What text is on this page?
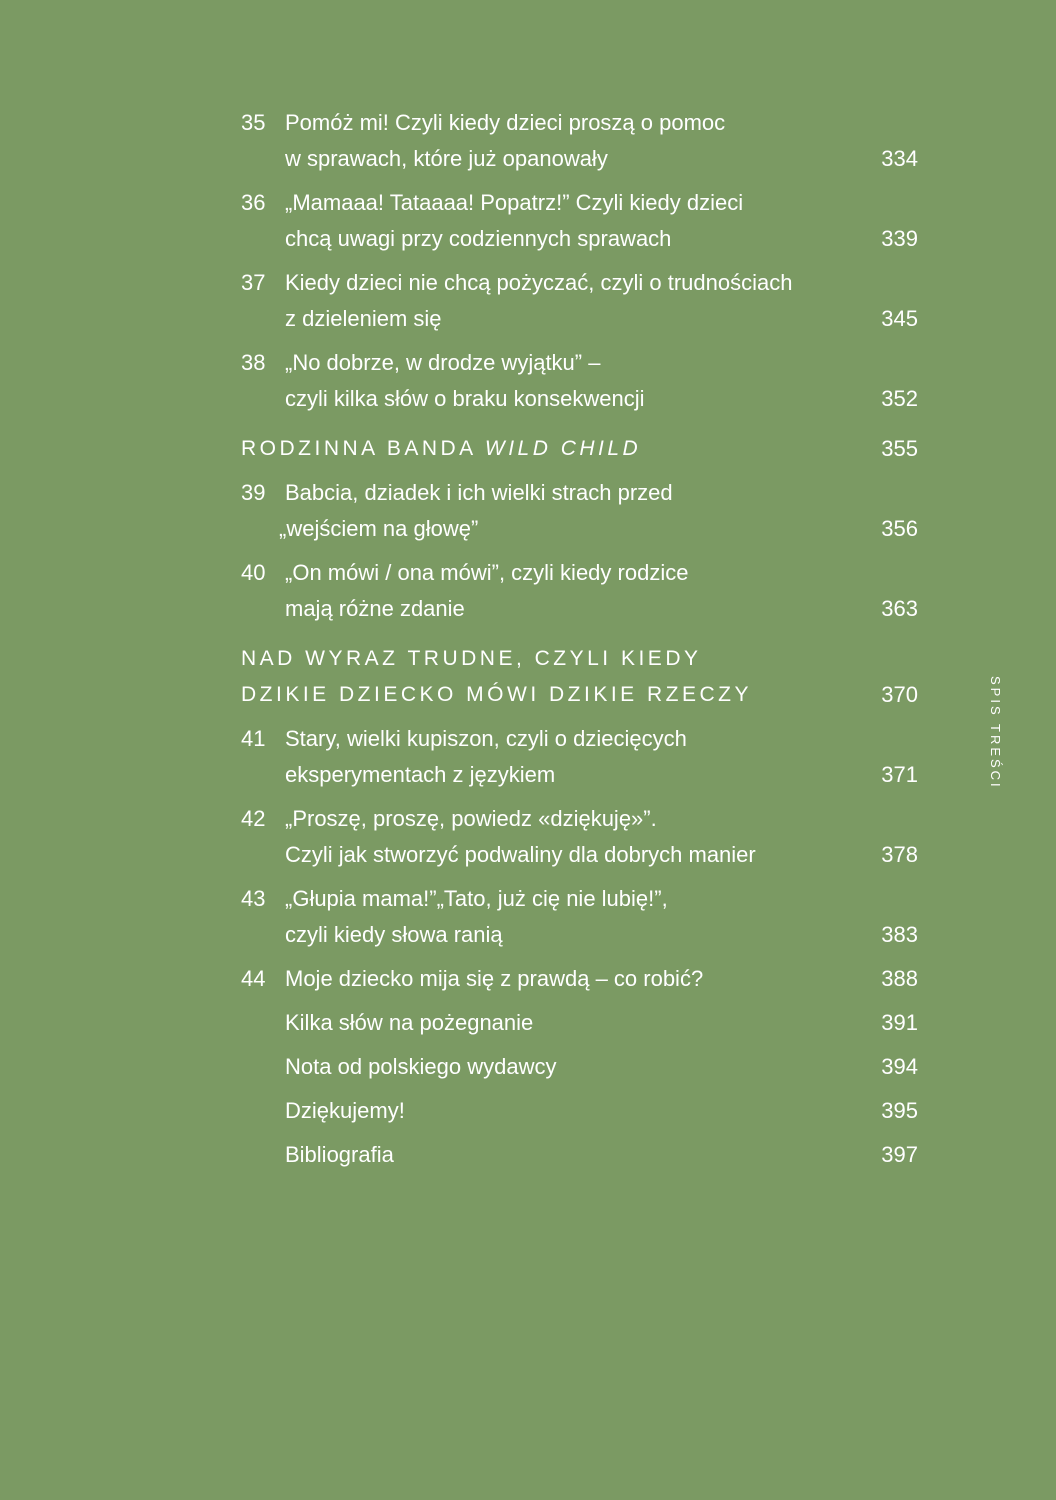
35 Pomóż mi! Czyli kiedy dzieci proszą o pomoc
w sprawach, które już opanowały	334
36 „Mamaaa! Tataaaa! Popatrz!” Czyli kiedy dzieci
chcą uwagi przy codziennych sprawach	339
37 Kiedy dzieci nie chcą pożyczać, czyli o trudnościach
z dzieleniem się	345
38 „No dobrze, w drodze wyjątku” –
czyli kilka słów o braku konsekwencji	352
RODZINNA BANDA WILD CHILD	355
39 Babcia, dziadek i ich wielki strach przed
„wejściem na głowę”	356
40 „On mówi / ona mówi”, czyli kiedy rodzice
mają różne zdanie	363
NAD WYRAZ TRUDNE, CZYLI KIEDY
DZIKIE DZIECKO MÓWI DZIKIE RZECZY	370
41 Stary, wielki kupiszon, czyli o dziecięcych
eksperymentach z językiem	371
42 „Proszę, proszę, powiedz «dziękuję»”.
Czyli jak stworzyć podwaliny dla dobrych manier	378
43 „Głupia mama!”„Tato, już cię nie lubię!”,
czyli kiedy słowa ranią	383
44 Moje dziecko mija się z prawdą – co robić?	388
Kilka słów na pożegnanie	391
Nota od polskiego wydawcy	394
Dziękujemy!	395
Bibliografia	397
SPIS TREŚCI
